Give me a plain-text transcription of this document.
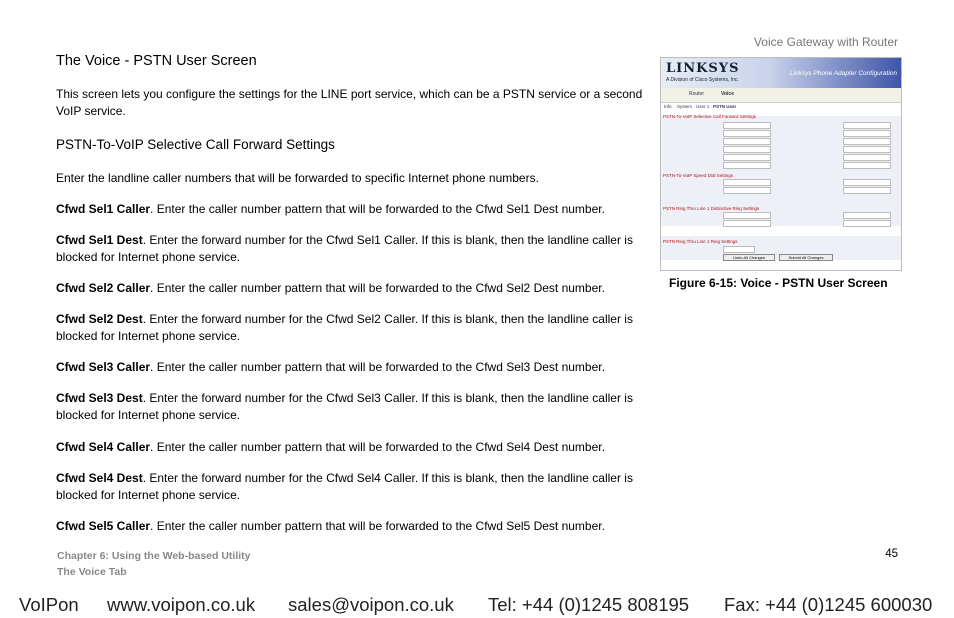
Voice Gateway with Router
The Voice - PSTN User Screen
This screen lets you configure the settings for the LINE port service, which can be a PSTN service or a second VoIP service.
PSTN-To-VoIP Selective Call Forward Settings
Enter the landline caller numbers that will be forwarded to specific Internet phone numbers.
Cfwd Sel1 Caller. Enter the caller number pattern that will be forwarded to the Cfwd Sel1 Dest number.
Cfwd Sel1 Dest. Enter the forward number for the Cfwd Sel1 Caller. If this is blank, then the landline caller is blocked for Internet phone service.
Cfwd Sel2 Caller. Enter the caller number pattern that will be forwarded to the Cfwd Sel2 Dest number.
Cfwd Sel2 Dest. Enter the forward number for the Cfwd Sel2 Caller. If this is blank, then the landline caller is blocked for Internet phone service.
Cfwd Sel3 Caller. Enter the caller number pattern that will be forwarded to the Cfwd Sel3 Dest number.
Cfwd Sel3 Dest. Enter the forward number for the Cfwd Sel3 Caller. If this is blank, then the landline caller is blocked for Internet phone service.
Cfwd Sel4 Caller. Enter the caller number pattern that will be forwarded to the Cfwd Sel4 Dest number.
Cfwd Sel4 Dest. Enter the forward number for the Cfwd Sel4 Caller. If this is blank, then the landline caller is blocked for Internet phone service.
Cfwd Sel5 Caller. Enter the caller number pattern that will be forwarded to the Cfwd Sel5 Dest number.
LINKSYS
A Division of Cisco Systems, Inc.
Linksys Phone Adapter Configuration
Router	Voice
Info System User 1 PSTN User
PSTN-To-VoIP Selective Call Forward Settings
PSTN-To-VoIP Speed Dial Settings
PSTN Ring Thru Line 1 Distinctive Ring Settings
PSTN Ring Thru Line 1 Ring Settings
Undo All Changes	Submit All Changes
Figure 6-15: Voice - PSTN User Screen
Chapter 6: Using the Web-based Utility
The Voice Tab
45
VoIPon www.voipon.co.uk sales@voipon.co.uk Tel: +44 (0)1245 808195 Fax: +44 (0)1245 600030
